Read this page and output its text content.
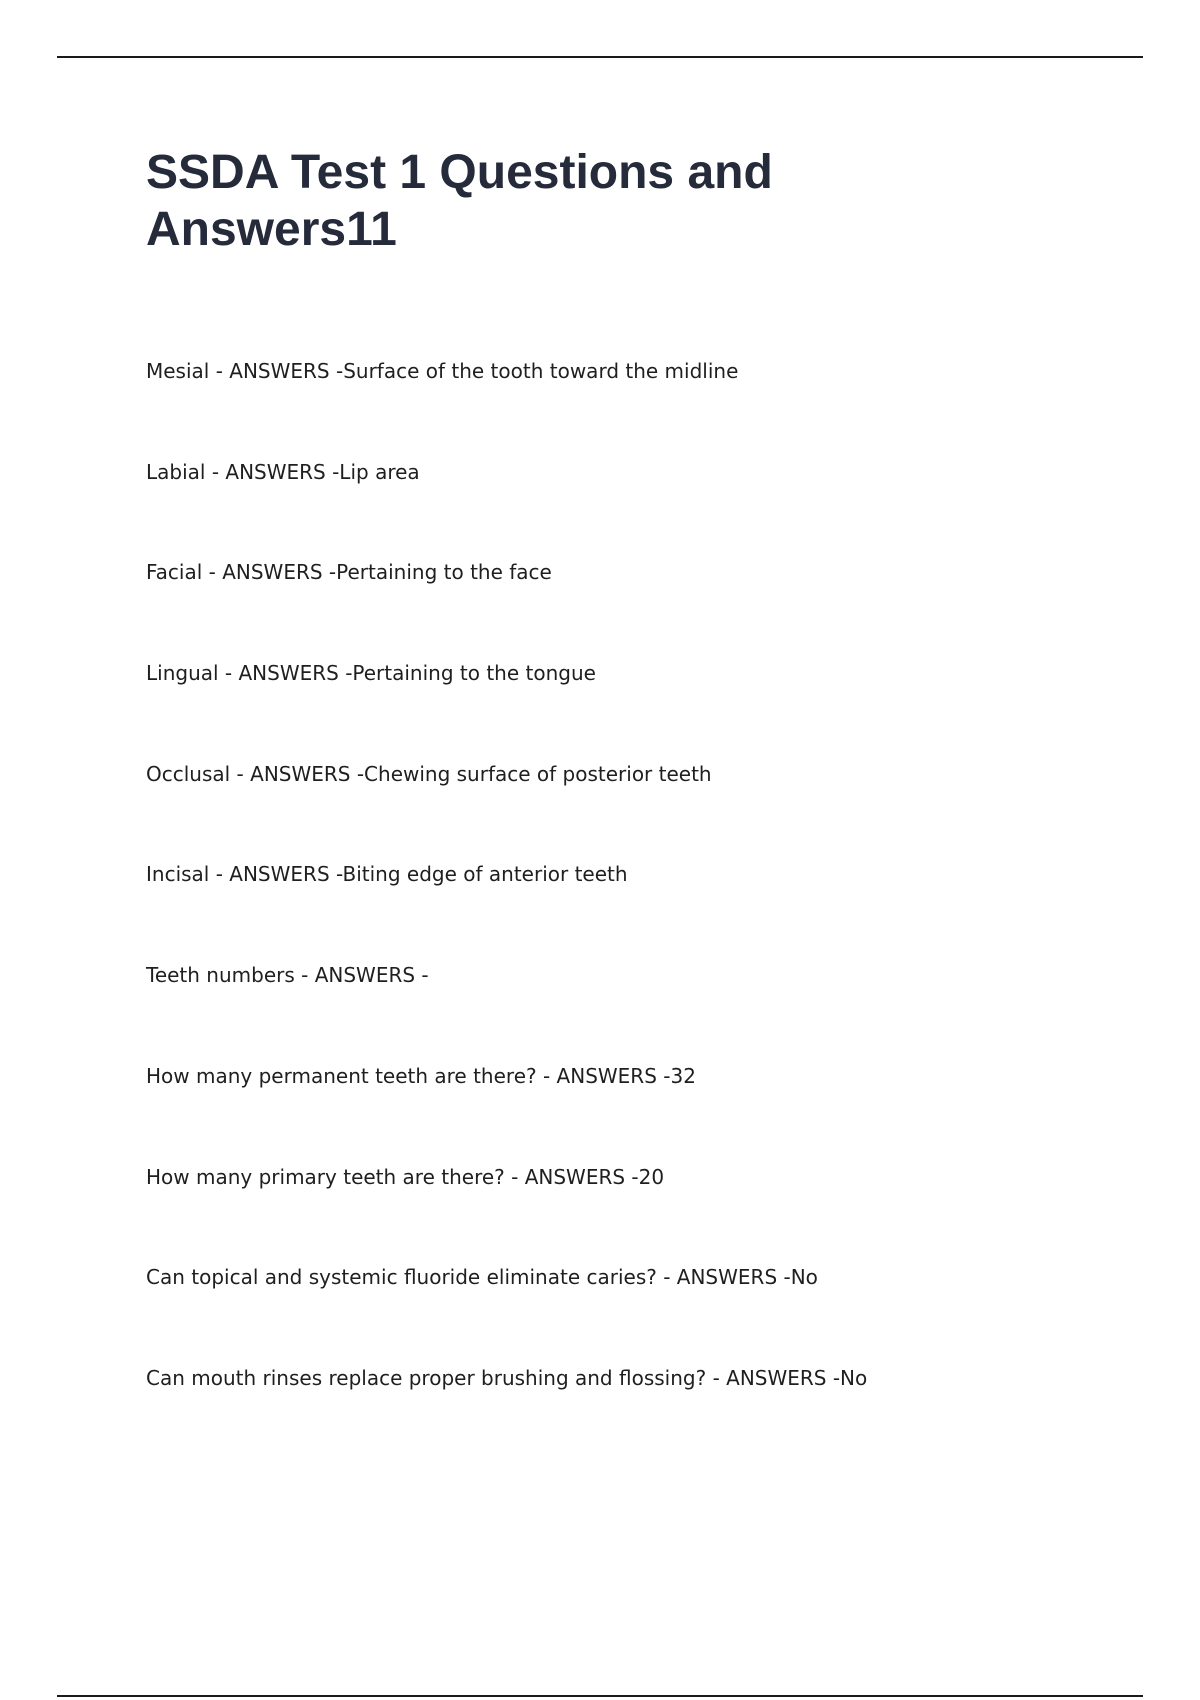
SSDA Test 1 Questions and Answers11
Mesial - ANSWERS -Surface of the tooth toward the midline
Labial - ANSWERS -Lip area
Facial - ANSWERS -Pertaining to the face
Lingual - ANSWERS -Pertaining to the tongue
Occlusal - ANSWERS -Chewing surface of posterior teeth
Incisal - ANSWERS -Biting edge of anterior teeth
Teeth numbers - ANSWERS -
How many permanent teeth are there? - ANSWERS -32
How many primary teeth are there? - ANSWERS -20
Can topical and systemic fluoride eliminate caries? - ANSWERS -No
Can mouth rinses replace proper brushing and flossing? - ANSWERS -No
